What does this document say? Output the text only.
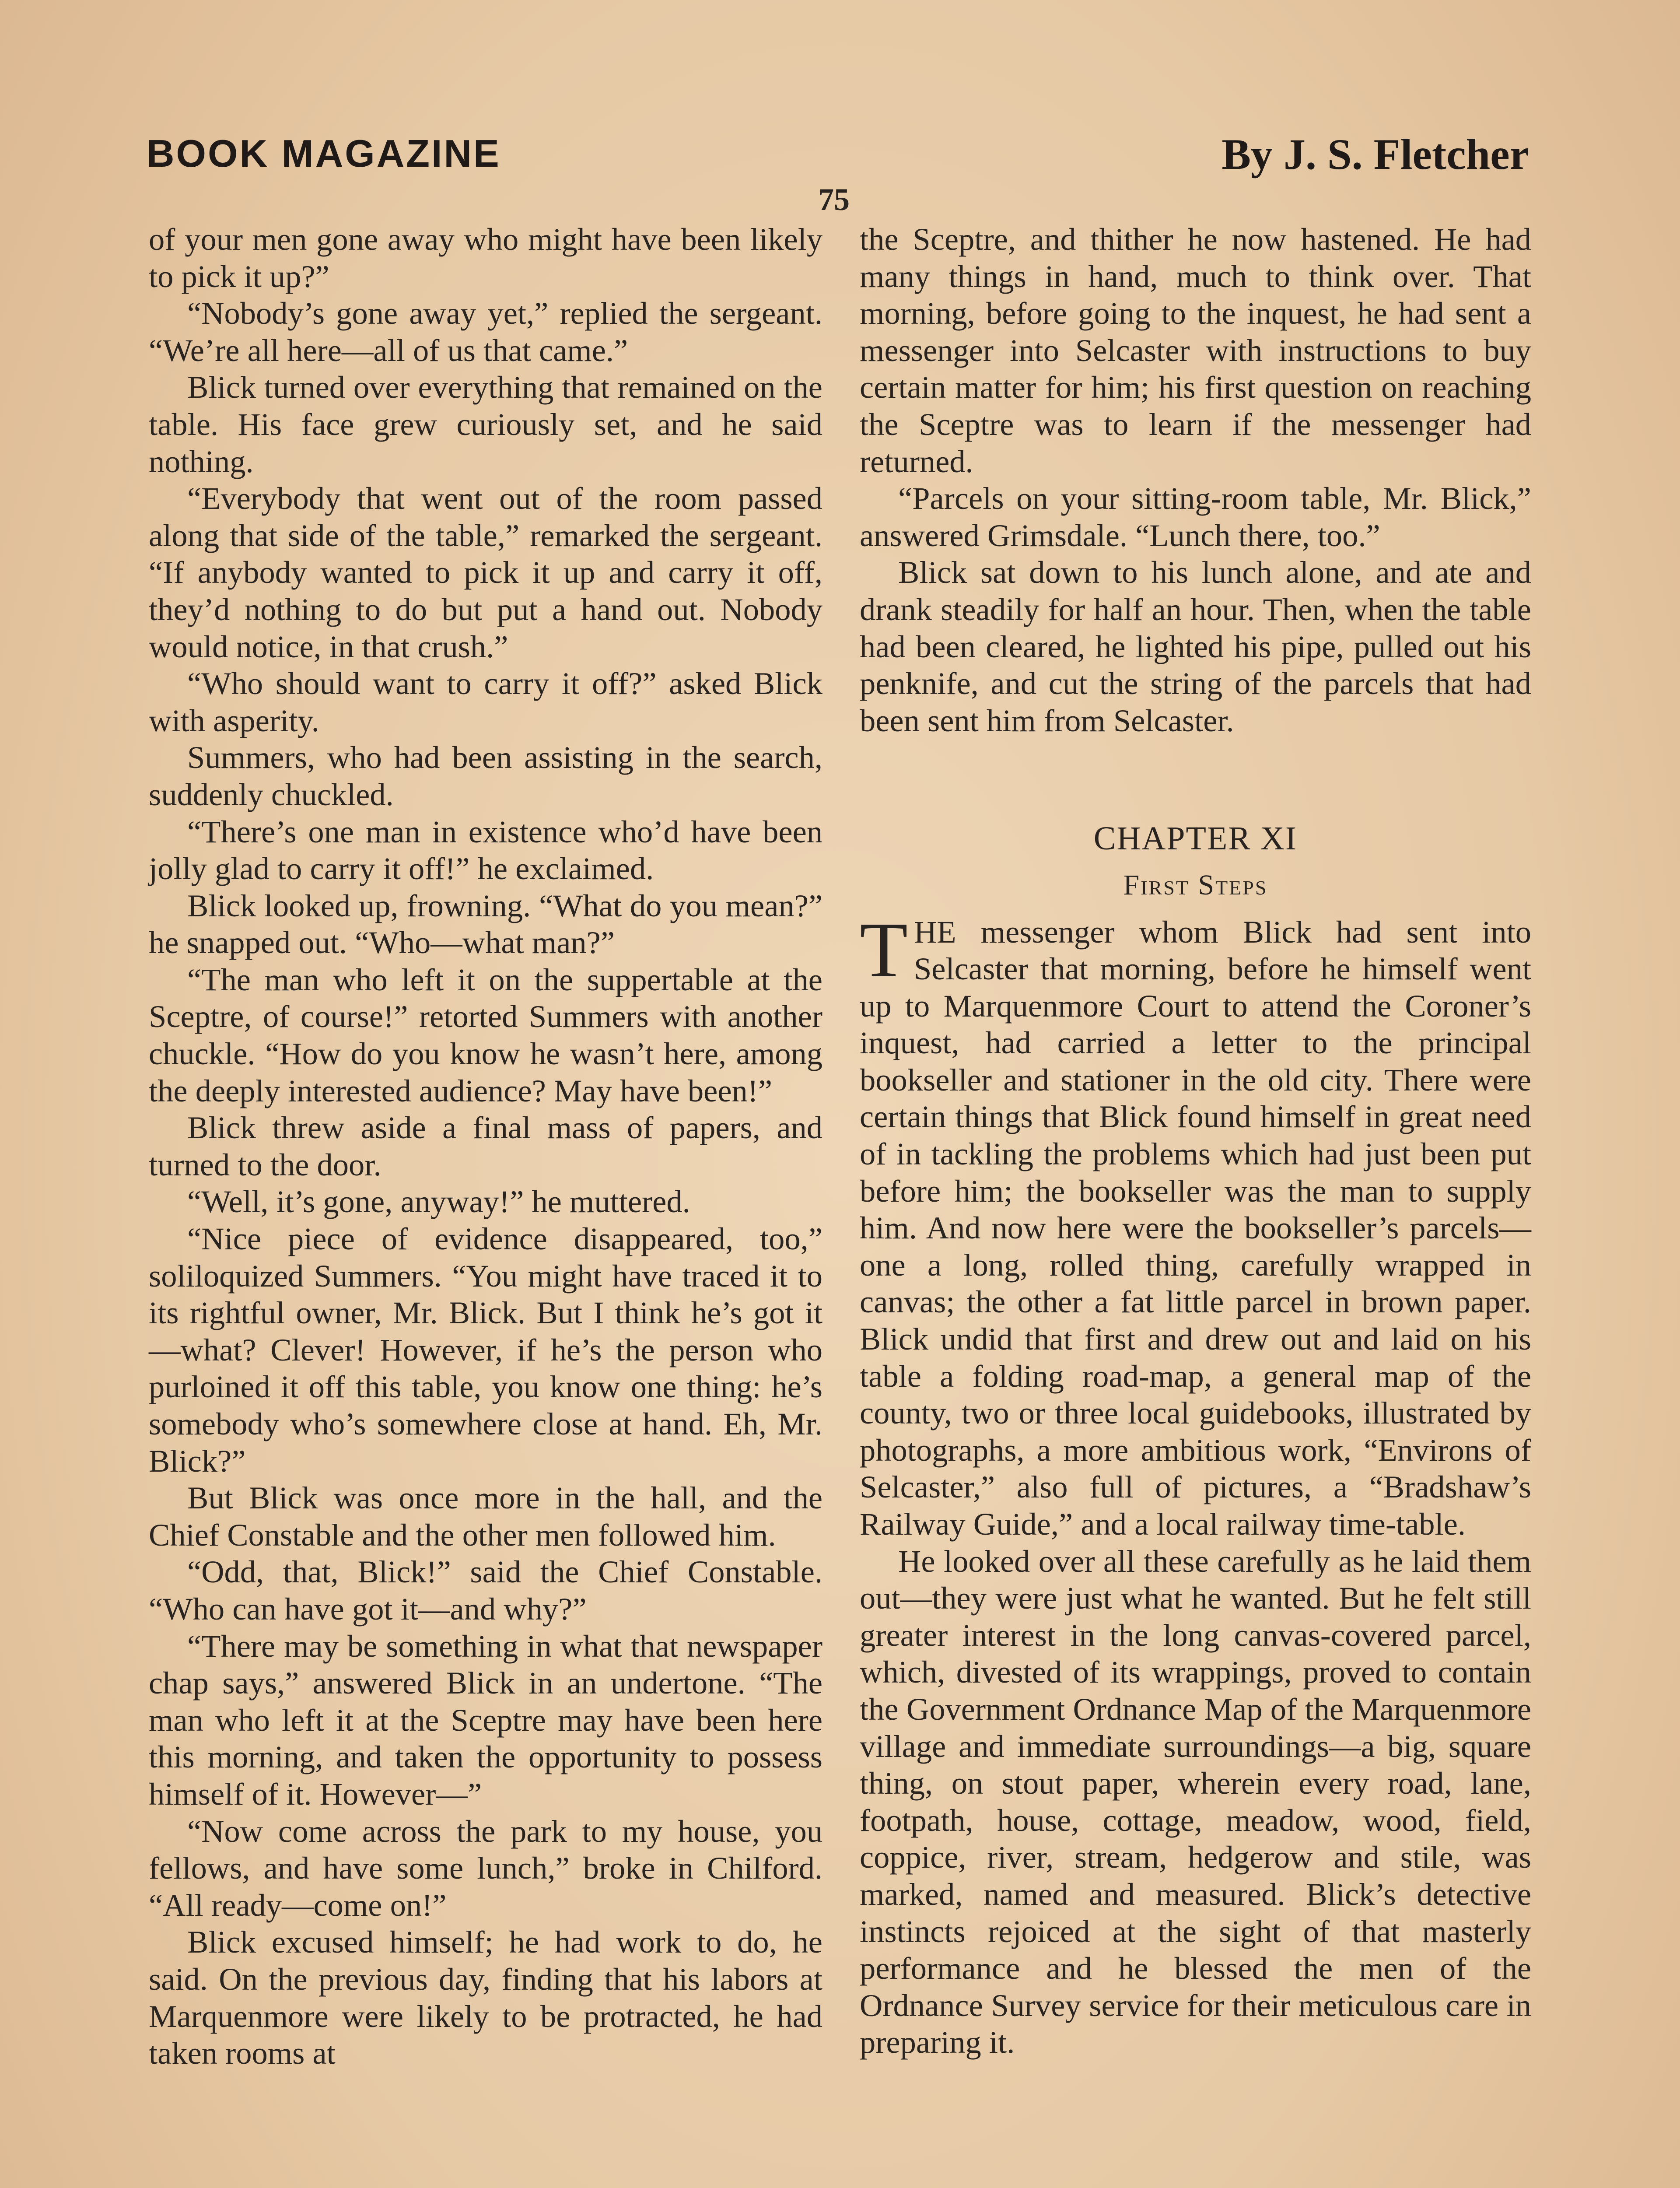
BOOK MAGAZINE	By J. S. Fletcher
75

of your men gone away who might have been likely to pick it up?”

“Nobody’s gone away yet,” replied the sergeant. “We’re all here—all of us that came.”

Blick turned over everything that remained on the table. His face grew curiously set, and he said nothing.

“Everybody that went out of the room passed along that side of the table,” remarked the sergeant. “If anybody wanted to pick it up and carry it off, they’d nothing to do but put a hand out. Nobody would notice, in that crush.”

“Who should want to carry it off?” asked Blick with asperity.

Summers, who had been assisting in the search, suddenly chuckled.

“There’s one man in existence who’d have been jolly glad to carry it off!” he exclaimed.

Blick looked up, frowning. “What do you mean?” he snapped out. “Who—what man?”

“The man who left it on the suppertable at the Sceptre, of course!” retorted Summers with another chuckle. “How do you know he wasn’t here, among the deeply interested audience? May have been!”

Blick threw aside a final mass of papers, and turned to the door.

“Well, it’s gone, anyway!” he muttered.

“Nice piece of evidence disappeared, too,” soliloquized Summers. “You might have traced it to its rightful owner, Mr. Blick. But I think he’s got it—what? Clever! However, if he’s the person who purloined it off this table, you know one thing: he’s somebody who’s somewhere close at hand. Eh, Mr. Blick?”

But Blick was once more in the hall, and the Chief Constable and the other men followed him.

“Odd, that, Blick!” said the Chief Constable. “Who can have got it—and why?”

“There may be something in what that newspaper chap says,” answered Blick in an undertone. “The man who left it at the Sceptre may have been here this morning, and taken the opportunity to possess himself of it. However—”

“Now come across the park to my house, you fellows, and have some lunch,” broke in Chilford. “All ready—come on!”

Blick excused himself; he had work to do, he said. On the previous day, finding that his labors at Marquenmore were likely to be protracted, he had taken rooms at

the Sceptre, and thither he now hastened. He had many things in hand, much to think over. That morning, before going to the inquest, he had sent a messenger into Selcaster with instructions to buy certain matter for him; his first question on reaching the Sceptre was to learn if the messenger had returned.

“Parcels on your sitting-room table, Mr. Blick,” answered Grimsdale. “Lunch there, too.”

Blick sat down to his lunch alone, and ate and drank steadily for half an hour. Then, when the table had been cleared, he lighted his pipe, pulled out his penknife, and cut the string of the parcels that had been sent him from Selcaster.

CHAPTER XI
First Steps

THE messenger whom Blick had sent into Selcaster that morning, before he himself went up to Marquenmore Court to attend the Coroner’s inquest, had carried a letter to the principal bookseller and stationer in the old city. There were certain things that Blick found himself in great need of in tackling the problems which had just been put before him; the bookseller was the man to supply him. And now here were the bookseller’s parcels—one a long, rolled thing, carefully wrapped in canvas; the other a fat little parcel in brown paper. Blick undid that first and drew out and laid on his table a folding road-map, a general map of the county, two or three local guidebooks, illustrated by photographs, a more ambitious work, “Environs of Selcaster,” also full of pictures, a “Bradshaw’s Railway Guide,” and a local railway time-table.

He looked over all these carefully as he laid them out—they were just what he wanted. But he felt still greater interest in the long canvas-covered parcel, which, divested of its wrappings, proved to contain the Government Ordnance Map of the Marquenmore village and immediate surroundings—a big, square thing, on stout paper, wherein every road, lane, footpath, house, cottage, meadow, wood, field, coppice, river, stream, hedgerow and stile, was marked, named and measured. Blick’s detective instincts rejoiced at the sight of that masterly performance and he blessed the men of the Ordnance Survey service for their meticulous care in preparing it.
